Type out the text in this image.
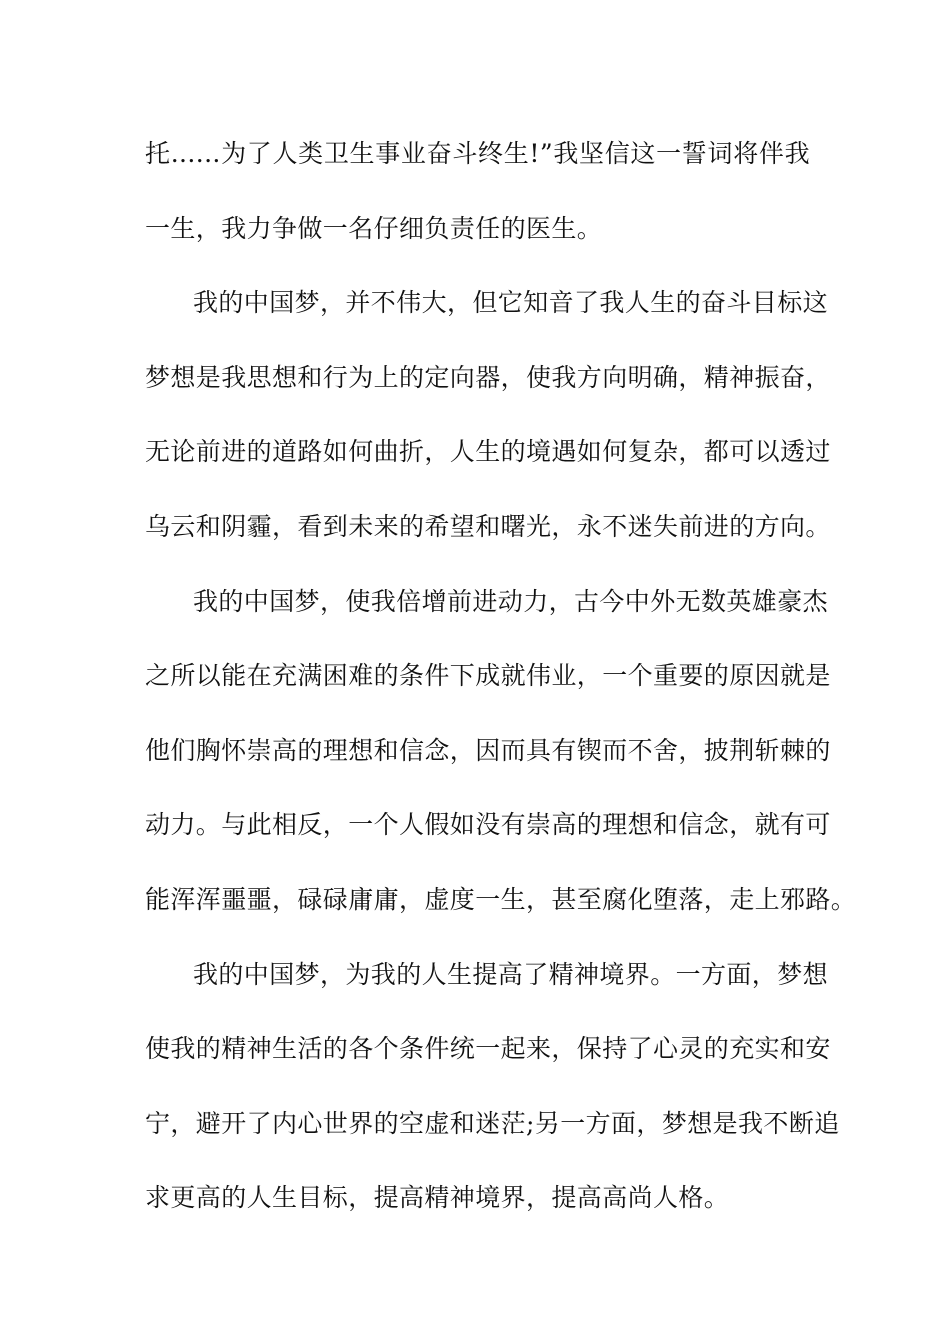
托......为了人类卫生事业奋斗终生!”我坚信这一誓词将伴我
一生，我力争做一名仔细负责任的医生。
我的中国梦，并不伟大，但它知音了我人生的奋斗目标这
梦想是我思想和行为上的定向器，使我方向明确，精神振奋，
无论前进的道路如何曲折，人生的境遇如何复杂，都可以透过
乌云和阴霾，看到未来的希望和曙光，永不迷失前进的方向。
我的中国梦，使我倍增前进动力，古今中外无数英雄豪杰
之所以能在充满困难的条件下成就伟业，一个重要的原因就是
他们胸怀崇高的理想和信念，因而具有锲而不舍，披荆斩棘的
动力。与此相反，一个人假如没有崇高的理想和信念，就有可
能浑浑噩噩，碌碌庸庸，虚度一生，甚至腐化堕落，走上邪路。
我的中国梦，为我的人生提高了精神境界。一方面，梦想
使我的精神生活的各个条件统一起来，保持了心灵的充实和安
宁，避开了内心世界的空虚和迷茫;另一方面，梦想是我不断追
求更高的人生目标，提高精神境界，提高高尚人格。
